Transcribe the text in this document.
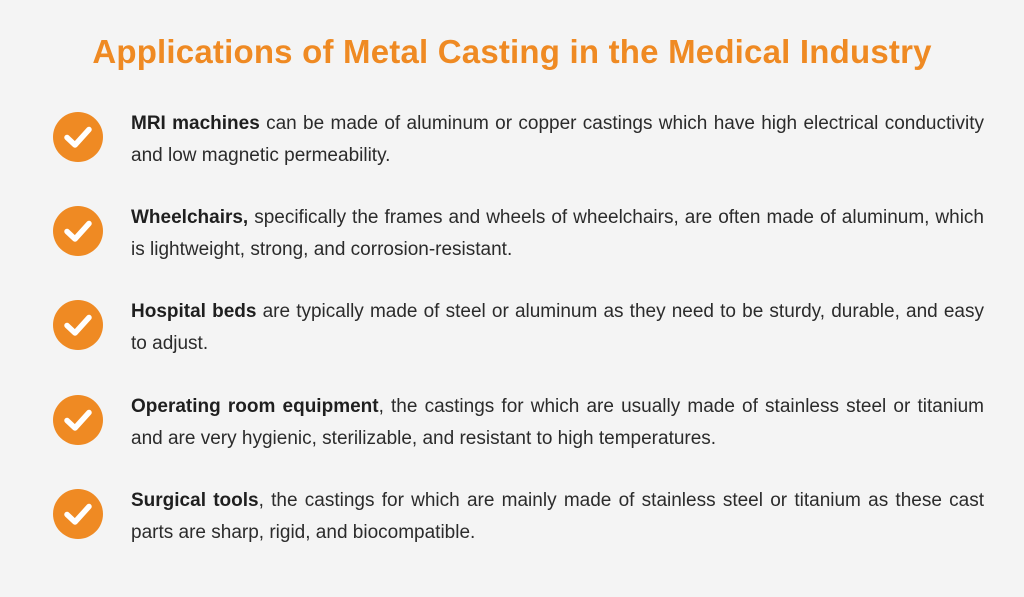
Applications of Metal Casting in the Medical Industry
MRI machines can be made of aluminum or copper castings which have high electrical conductivity and low magnetic permeability.
Wheelchairs, specifically the frames and wheels of wheelchairs, are often made of aluminum, which is lightweight, strong, and corrosion-resistant.
Hospital beds are typically made of steel or aluminum as they need to be sturdy, durable, and easy to adjust.
Operating room equipment, the castings for which are usually made of stainless steel or titanium and are very hygienic, sterilizable, and resistant to high temperatures.
Surgical tools, the castings for which are mainly made of stainless steel or titanium as these cast parts are sharp, rigid, and biocompatible.
